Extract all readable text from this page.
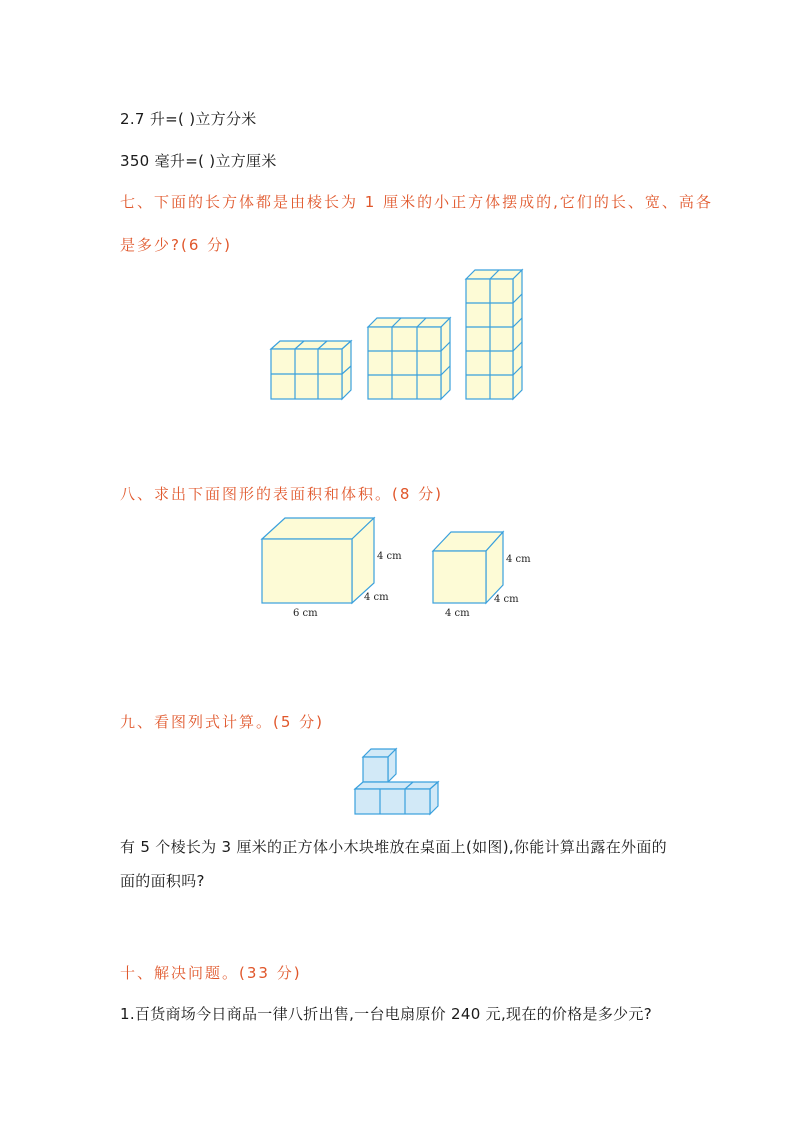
2.7 升=( )立方分米
350 毫升=( )立方厘米
七、下面的长方体都是由棱长为 1 厘米的小正方体摆成的,它们的长、宽、高各
是多少?(6 分)
八、求出下面图形的表面积和体积。(8 分)
4 cm
4 cm
6 cm
4 cm
4 cm
4 cm
九、看图列式计算。(5 分)
有 5 个棱长为 3 厘米的正方体小木块堆放在桌面上(如图),你能计算出露在外面的
面的面积吗?
十、解决问题。(33 分)
1.百货商场今日商品一律八折出售,一台电扇原价 240 元,现在的价格是多少元?
